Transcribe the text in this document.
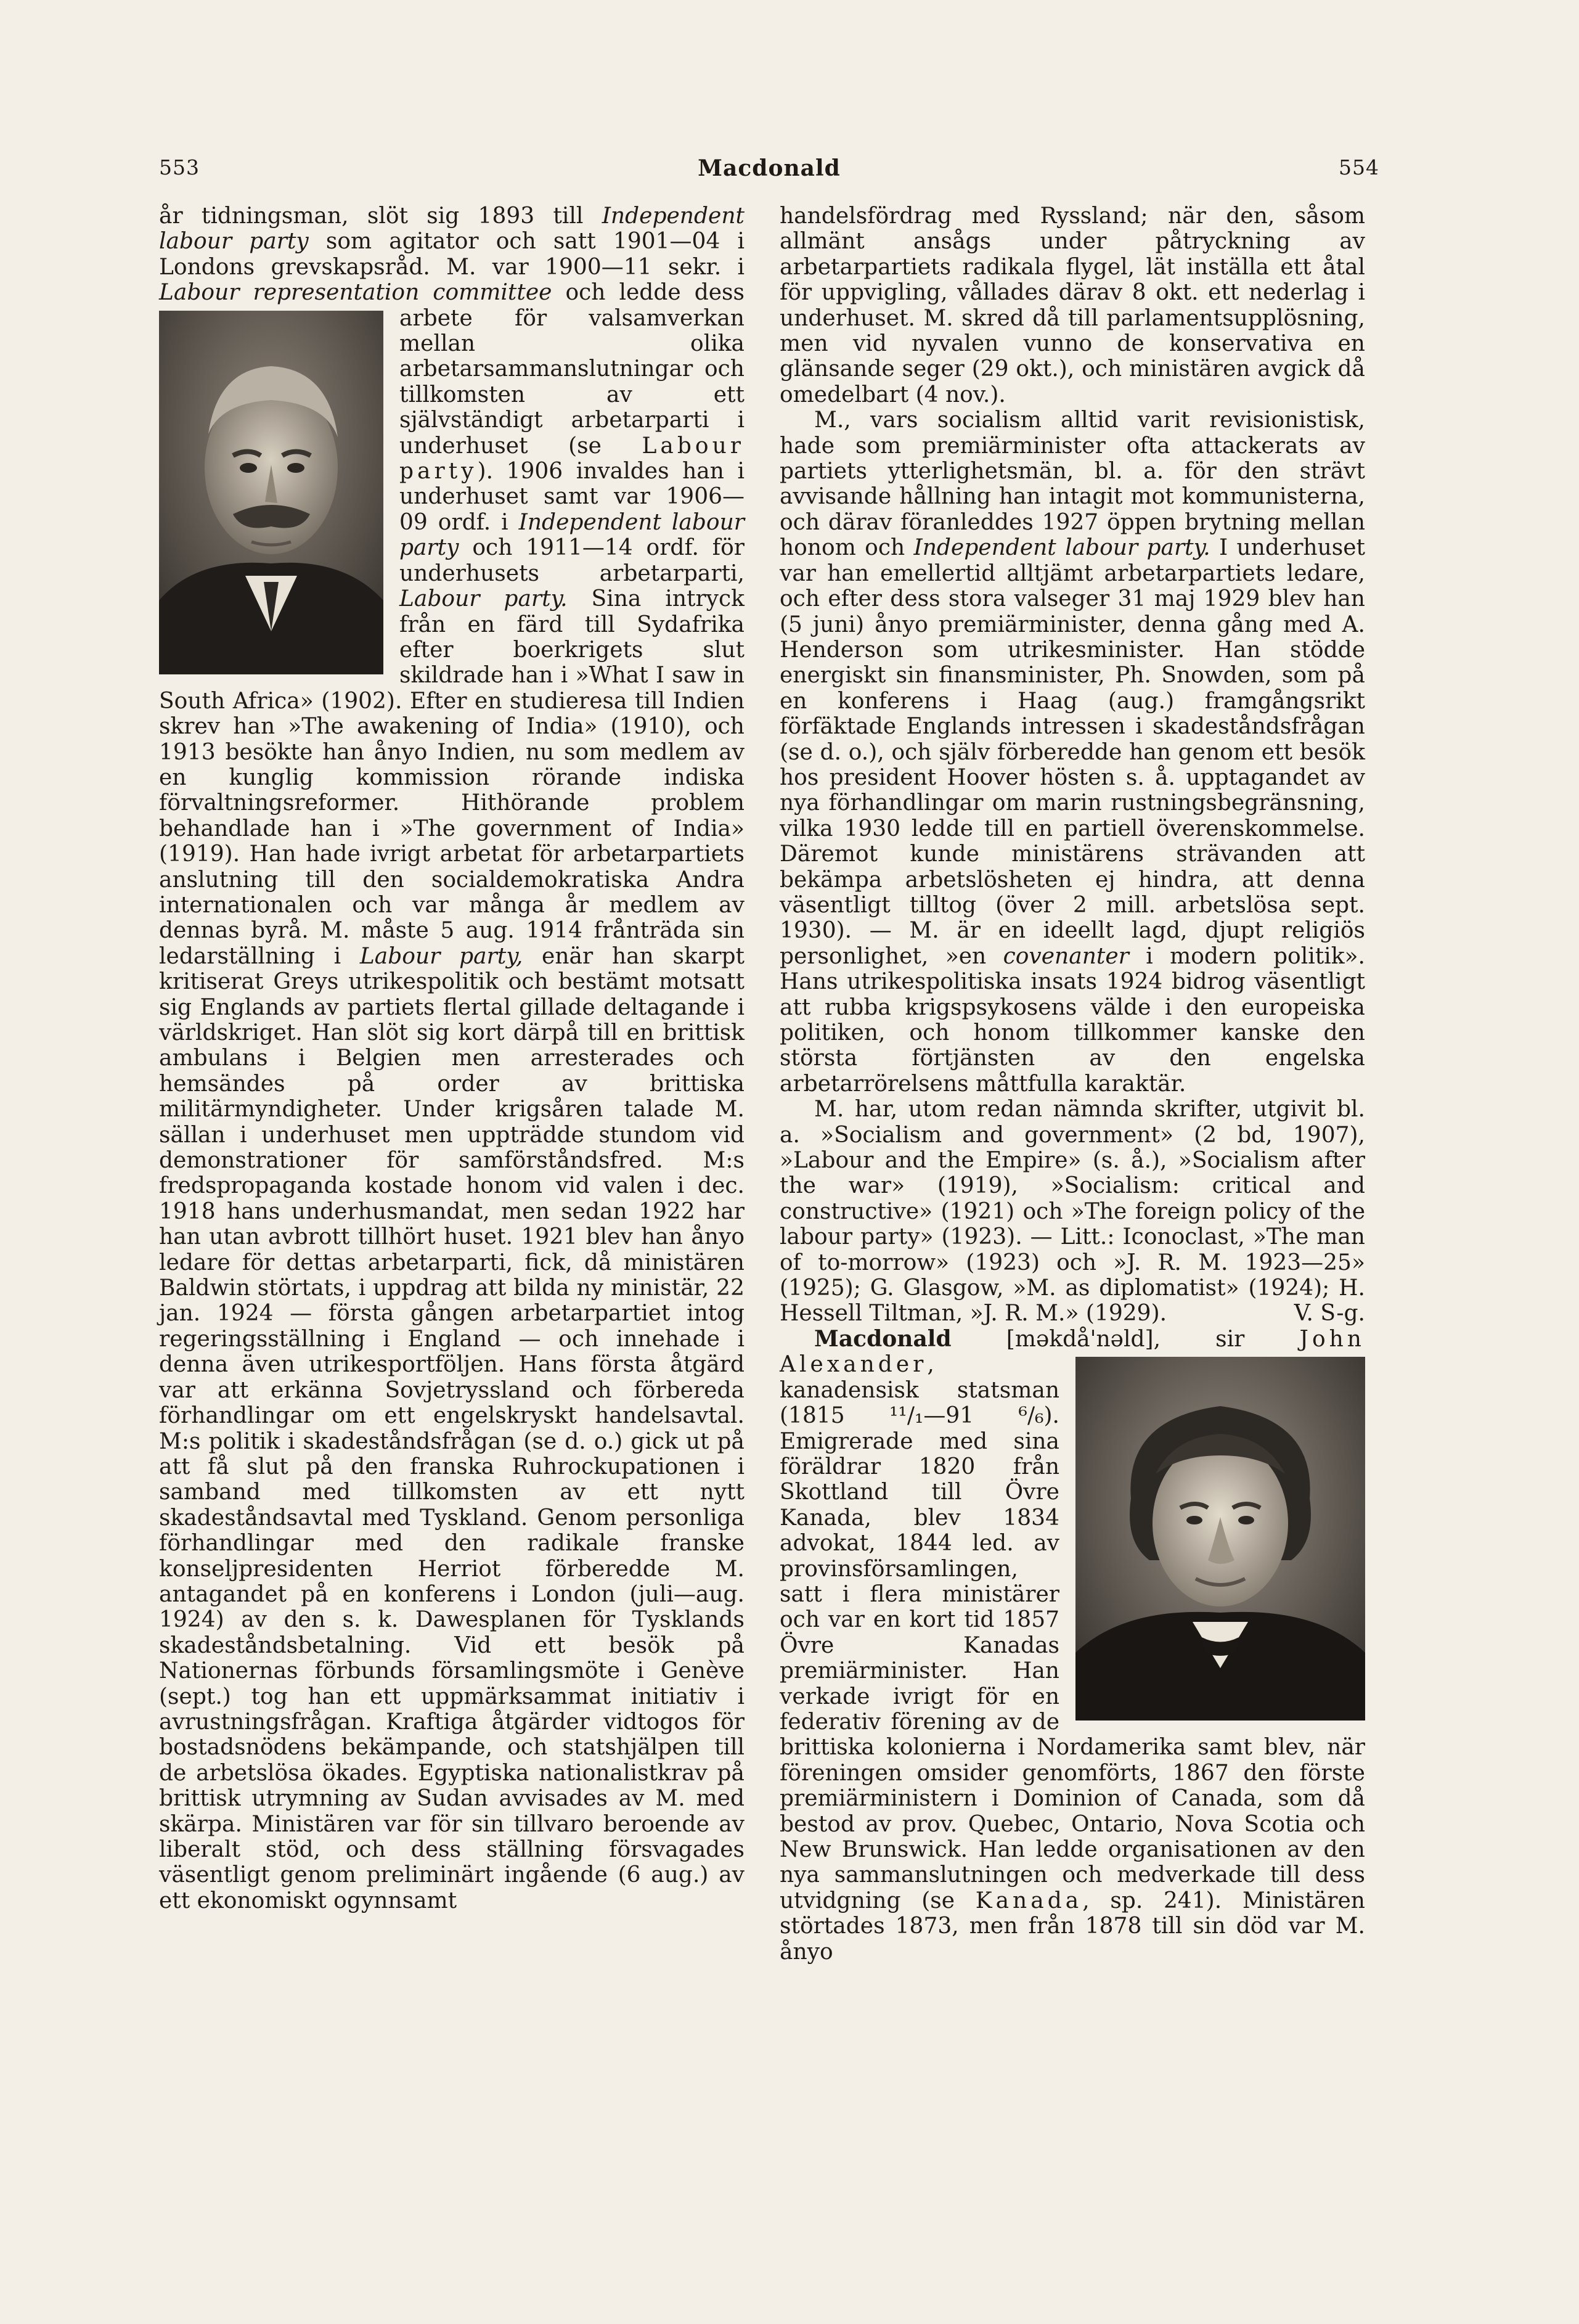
553	Macdonald	554

år tidningsman, slöt sig 1893 till Independent labour party som agitator och satt 1901—04 i Londons grevskapsråd. M. var 1900—11 sekr. i Labour representation committee
och ledde dess arbete för valsamverkan mellan olika arbetarsammanslutningar och tillkomsten av ett självständigt arbetarparti i underhuset (se Labour party). 1906 invaldes han i underhuset samt var 1906—09 ordf. i Independent labour party och 1911—14 ordf. för underhusets arbetarparti, Labour party. Sina intryck från en färd till Sydafrika efter boerkrigets slut skildrade han i »What I saw in South Africa» (1902). Efter en studieresa till Indien skrev han »The awakening of India» (1910), och 1913 besökte han ånyo Indien, nu som medlem av en kunglig kommission rörande indiska förvaltningsreformer. Hithörande problem behandlade han i »The government of India» (1919). Han hade ivrigt arbetat för arbetarpartiets anslutning till den socialdemokratiska Andra internationalen och var många år medlem av dennas byrå. M. måste 5 aug. 1914 frånträda sin ledarställning i Labour party, enär han skarpt kritiserat Greys utrikespolitik och bestämt motsatt sig Englands av partiets flertal gillade deltagande i världskriget. Han slöt sig kort därpå till en brittisk ambulans i Belgien men arresterades och hemsändes på order av brittiska militärmyndigheter. Under krigsåren talade M. sällan i underhuset men uppträdde stundom vid demonstrationer för samförståndsfred. M:s fredspropaganda kostade honom vid valen i dec. 1918 hans underhusmandat, men sedan 1922 har han utan avbrott tillhört huset. 1921 blev han ånyo ledare för dettas arbetarparti, fick, då ministären Baldwin störtats, i uppdrag att bilda ny ministär, 22 jan. 1924 — första gången arbetarpartiet intog regeringsställning i England — och innehade i denna även utrikesportföljen. Hans första åtgärd var att erkänna Sovjetryssland och förbereda förhandlingar om ett engelskryskt handelsavtal. M:s politik i skadeståndsfrågan (se d. o.) gick ut på att få slut på den franska Ruhrockupationen i samband med tillkomsten av ett nytt skadeståndsavtal med Tyskland. Genom personliga förhandlingar med den radikale franske konseljpresidenten Herriot förberedde M. antagandet på en konferens i London (juli—aug. 1924) av den s. k. Dawesplanen för Tysklands skadeståndsbetalning. Vid ett besök på Nationernas förbunds församlingsmöte i Genève (sept.) tog han ett uppmärksammat initiativ i avrustningsfrågan. Kraftiga åtgärder vidtogos för bostadsnödens bekämpande, och statshjälpen till de arbetslösa ökades. Egyptiska nationalistkrav på brittisk utrymning av Sudan avvisades av M. med skärpa. Ministären var för sin tillvaro beroende av liberalt stöd, och dess ställning försvagades väsentligt genom preliminärt ingående (6 aug.) av ett ekonomiskt ogynnsamt

handelsfördrag med Ryssland; när den, såsom allmänt ansågs under påtryckning av arbetarpartiets radikala flygel, lät inställa ett åtal för uppvigling, vållades därav 8 okt. ett nederlag i underhuset. M. skred då till parlamentsupplösning, men vid nyvalen vunno de konservativa en glänsande seger (29 okt.), och ministären avgick då omedelbart (4 nov.).

M., vars socialism alltid varit revisionistisk, hade som premiärminister ofta attackerats av partiets ytterlighetsmän, bl. a. för den strävt avvisande hållning han intagit mot kommunisterna, och därav föranleddes 1927 öppen brytning mellan honom och Independent labour party. I underhuset var han emellertid alltjämt arbetarpartiets ledare, och efter dess stora valseger 31 maj 1929 blev han (5 juni) ånyo premiärminister, denna gång med A. Henderson som utrikesminister. Han stödde energiskt sin finansminister, Ph. Snowden, som på en konferens i Haag (aug.) framgångsrikt förfäktade Englands intressen i skadeståndsfrågan (se d. o.), och själv förberedde han genom ett besök hos president Hoover hösten s. å. upptagandet av nya förhandlingar om marin rustningsbegränsning, vilka 1930 ledde till en partiell överenskommelse. Däremot kunde ministärens strävanden att bekämpa arbetslösheten ej hindra, att denna väsentligt tilltog (över 2 mill. arbetslösa sept. 1930). — M. är en ideellt lagd, djupt religiös personlighet, »en covenanter i modern politik». Hans utrikespolitiska insats 1924 bidrog väsentligt att rubba krigspsykosens välde i den europeiska politiken, och honom tillkommer kanske den största förtjänsten av den engelska arbetarrörelsens måttfulla karaktär.

M. har, utom redan nämnda skrifter, utgivit bl. a. »Socialism and government» (2 bd, 1907), »Labour and the Empire» (s. å.), »Socialism after the war» (1919), »Socialism: critical and constructive» (1921) och »The foreign policy of the labour party» (1923). — Litt.: Iconoclast, »The man of to-morrow» (1923) och »J. R. M. 1923—25» (1925); G. Glasgow, »M. as diplomatist» (1924); H. Hessell Tiltman, »J. R. M.» (1929).	V. S-g.

Macdonald [məkdå'nəld], sir John Alexander
, kanadensisk statsman (1815 ¹¹/₁—91 ⁶/₆). Emigrerade med sina föräldrar 1820 från Skottland till Övre Kanada, blev 1834 advokat, 1844 led. av provinsförsamlingen, satt i flera ministärer och var en kort tid 1857 Övre Kanadas premiärminister. Han verkade ivrigt för en federativ förening av de brittiska kolonierna i Nordamerika samt blev, när föreningen omsider genomförts, 1867 den förste premiärministern i Dominion of Canada, som då bestod av prov. Quebec, Ontario, Nova Scotia och New Brunswick. Han ledde organisationen av den nya sammanslutningen och medverkade till dess utvidgning (se Kanada, sp. 241). Ministären störtades 1873, men från 1878 till sin död var M. ånyo
